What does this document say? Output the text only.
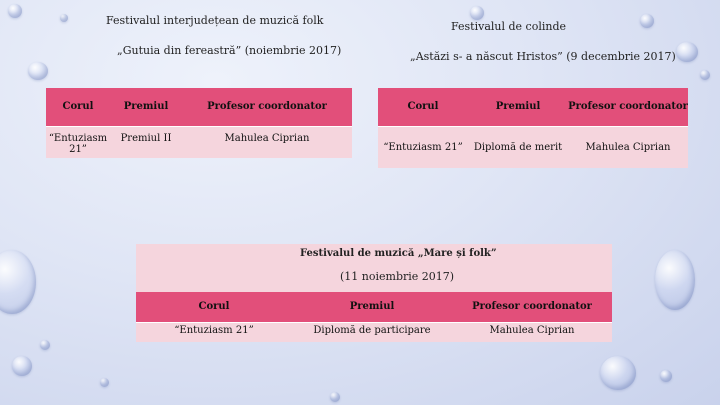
Festivalul interjudețean de muzică folk
„Gutuia din fereastră” (noiembrie 2017)
Corul	Premiul	Profesor coordonator
“Entuziasm 21”	Premiul II	Mahulea Ciprian
Festivalul de colinde
„Astăzi s- a născut Hristos” (9 decembrie 2017)
Corul	Premiul	Profesor coordonator
“Entuziasm 21”	Diplomă de merit	Mahulea Ciprian
Festivalul de muzică „Mare și folk”
(11 noiembrie 2017)
Corul	Premiul	Profesor coordonator
“Entuziasm 21”	Diplomă de participare	Mahulea Ciprian
